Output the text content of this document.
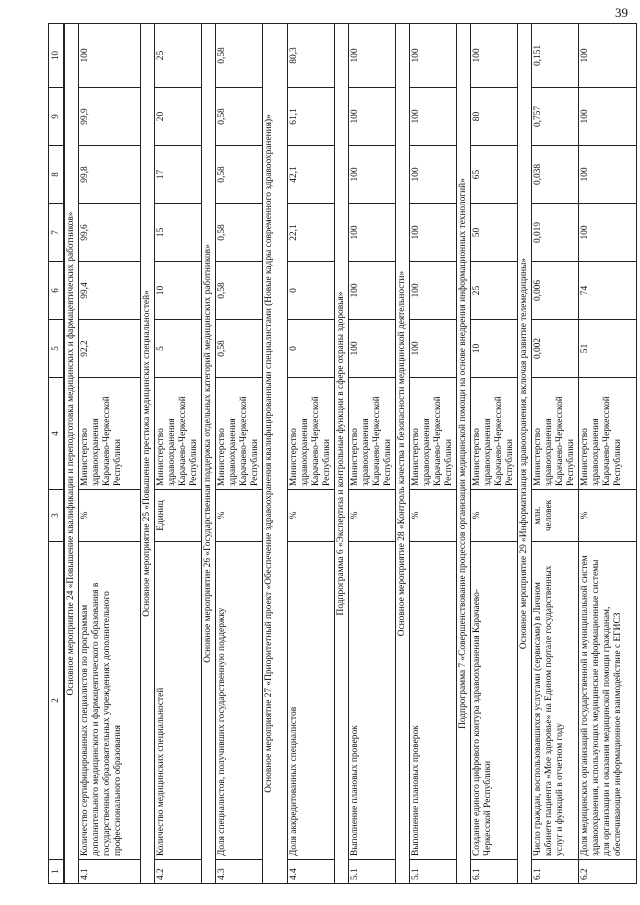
39
1	2	3	4	5	6	7	8	9	10
Основное мероприятие 24 «Повышение квалификации и переподготовка медицинских и фармацевтических работников»									
4.1	Количество сертифицированных специалистов по программам дополнительного медицинского и фармацевтического образования в государственных образовательных учреждениях дополнительного профессионального образования	%	Министерство здравоохранения Карачаево-Черкесской Республики	92,2	99,4	99,6	99,8	99,9	100
Основное мероприятие 25 «Повышение престижа медицинских специальностей»									
4.2	Количество медицинских специальностей	Единиц	Министерство здравоохранения Карачаево-Черкесской Республики	5	10	15	17	20	25
Основное мероприятие 26 «Государственная поддержка отдельных категорий медицинских работников»									
4.3	Доля специалистов, получивших государственную поддержку	%	Министерство здравоохранения Карачаево-Черкесской Республики	0,58	0,58	0,58	0,58	0,58	0,58
Основное мероприятие 27 «Приоритетный проект «Обеспечение здравоохранения квалифицированными специалистами (Новые кадры современного здравоохранения)»									
4.4	Доля аккредитованных специалистов	%	Министерство здравоохранения Карачаево-Черкесской Республики	0	0	22,1	42,1	61,1	80,3
Подпрограмма 6 «Экспертиза и контрольные функции в сфере охраны здоровья»									
5.1	Выполнение плановых проверок	%	Министерство здравоохранения Карачаево-Черкесской Республики	100	100	100	100	100	100
Основное мероприятие 28 «Контроль качества и безопасности медицинской деятельности»									
5.1	Выполнение плановых проверок	%	Министерство здравоохранения Карачаево-Черкесской Республики	100	100	100	100	100	100
Подпрограмма 7 «Совершенствование процессов организации медицинской помощи на основе внедрения информационных технологий»									
6.1	Создание единого цифрового контура здравоохранения Карачаево-Черкесской Республики	%	Министерство здравоохранения Карачаево-Черкесской Республики	10	25	50	65	80	100
Основное мероприятие 29 «Информатизация здравоохранения, включая развитие телемедицины»									
6.1	Число граждан, воспользовавшихся услугами (сервисами) в Личном кабинете пациента «Мое здоровье» на Едином портале государственных услуг и функций в отчетном году	млн. человек	Министерство здравоохранения Карачаево-Черкесской Республики	0,002	0,006	0,019	0,038	0,757	0,151
6.2	Доля медицинских организаций государственной и муниципальной систем здравоохранения, использующих медицинские информационные системы для организации и оказания медицинской помощи гражданам, обеспечивающие информационное взаимодействие с ЕГИСЗ	%	Министерство здравоохранения Карачаево-Черкесской Республики	51	74	100	100	100	100
